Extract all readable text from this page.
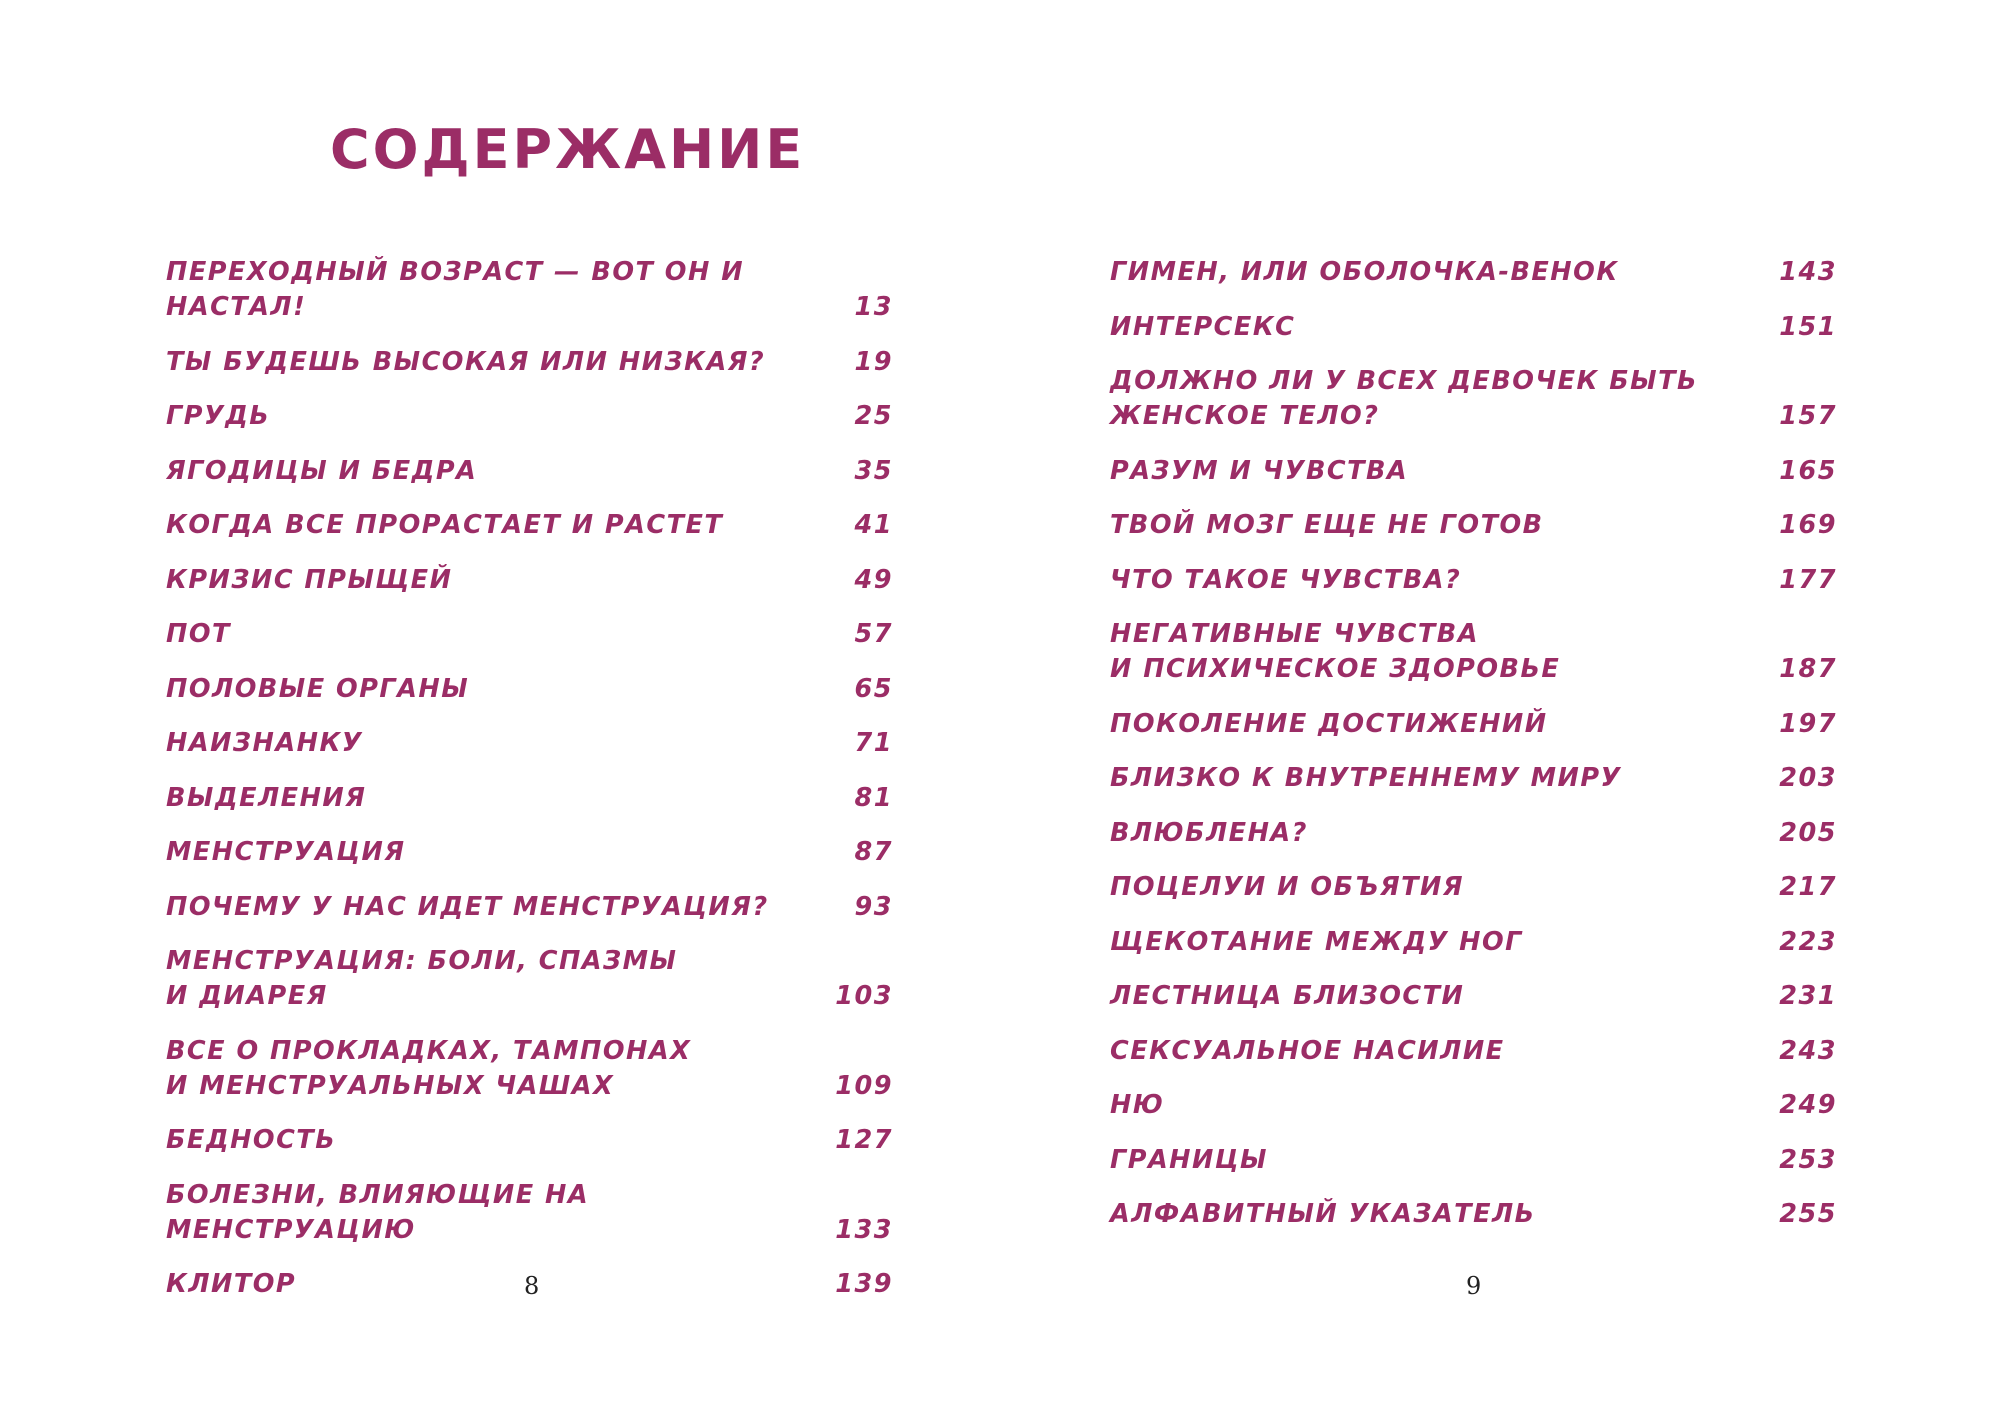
СОДЕРЖАНИЕ
ПЕРЕХОДНЫЙ ВОЗРАСТ — ВОТ ОН И НАСТАЛ!	13
ТЫ БУДЕШЬ ВЫСОКАЯ ИЛИ НИЗКАЯ?	19
ГРУДЬ	25
ЯГОДИЦЫ И БЕДРА	35
КОГДА ВСЕ ПРОРАСТАЕТ И РАСТЕТ	41
КРИЗИС ПРЫЩЕЙ	49
ПОТ	57
ПОЛОВЫЕ ОРГАНЫ	65
НАИЗНАНКУ	71
ВЫДЕЛЕНИЯ	81
МЕНСТРУАЦИЯ	87
ПОЧЕМУ У НАС ИДЕТ МЕНСТРУАЦИЯ?	93
МЕНСТРУАЦИЯ: БОЛИ, СПАЗМЫ
И ДИАРЕЯ	103
ВСЕ О ПРОКЛАДКАХ, ТАМПОНАХ
И МЕНСТРУАЛЬНЫХ ЧАШАХ	109
БЕДНОСТЬ	127
БОЛЕЗНИ, ВЛИЯЮЩИЕ НА МЕНСТРУАЦИЮ	133
КЛИТОР	139
ГИМЕН, ИЛИ ОБОЛОЧКА-ВЕНОК	143
ИНТЕРСЕКС	151
ДОЛЖНО ЛИ У ВСЕХ ДЕВОЧЕК БЫТЬ
ЖЕНСКОЕ ТЕЛО?	157
РАЗУМ И ЧУВСТВА	165
ТВОЙ МОЗГ ЕЩЕ НЕ ГОТОВ	169
ЧТО ТАКОЕ ЧУВСТВА?	177
НЕГАТИВНЫЕ ЧУВСТВА
И ПСИХИЧЕСКОЕ ЗДОРОВЬЕ	187
ПОКОЛЕНИЕ ДОСТИЖЕНИЙ	197
БЛИЗКО К ВНУТРЕННЕМУ МИРУ	203
ВЛЮБЛЕНА?	205
ПОЦЕЛУИ И ОБЪЯТИЯ	217
ЩЕКОТАНИЕ МЕЖДУ НОГ	223
ЛЕСТНИЦА БЛИЗОСТИ	231
СЕКСУАЛЬНОЕ НАСИЛИЕ	243
НЮ	249
ГРАНИЦЫ	253
АЛФАВИТНЫЙ УКАЗАТЕЛЬ	255
8	9
